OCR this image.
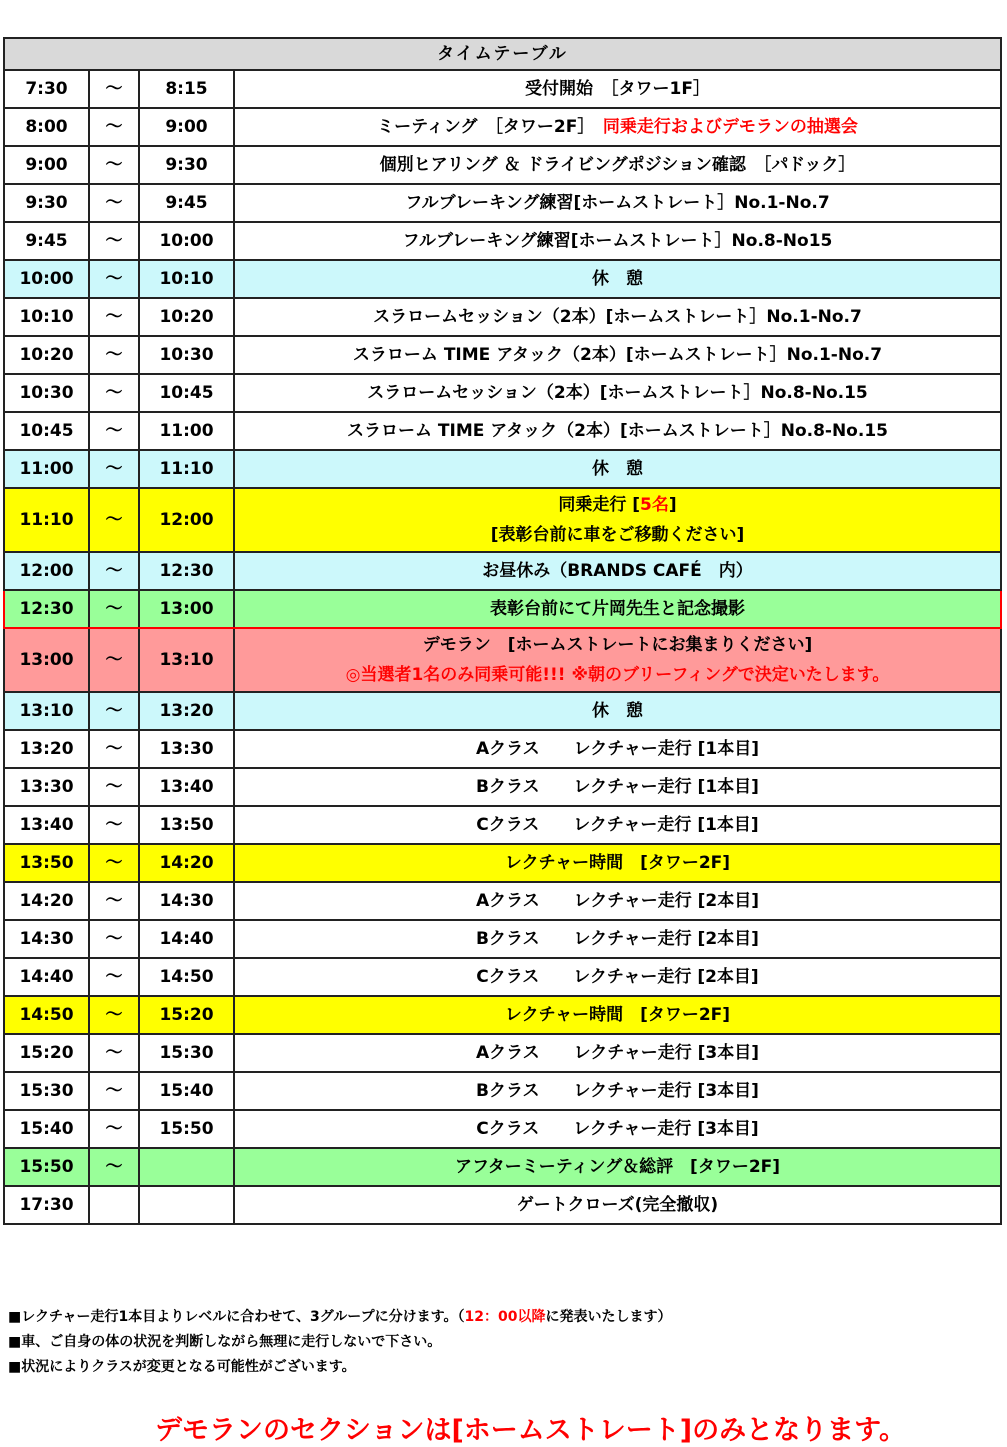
タイムテーブル			
7:30	〜	8:15	受付開始　［タワー1F］

8:00	〜	9:00	ミーティング　［タワー2F］　同乗走行およびデモランの抽選会

9:00	〜	9:30	個別ヒアリング ＆ ドライビングポジション確認　［パドック］

9:30	〜	9:45	フルブレーキング練習[ホームストレート］No.1-No.7

9:45	〜	10:00	フルブレーキング練習[ホームストレート］No.8-No15

10:00	〜	10:10	休　憩

10:10	〜	10:20	スラロームセッション（2本）[ホームストレート］No.1-No.7

10:20	〜	10:30	スラローム TIME アタック（2本）[ホームストレート］No.1-No.7

10:30	〜	10:45	スラロームセッション（2本）[ホームストレート］No.8-No.15

10:45	〜	11:00	スラローム TIME アタック（2本）[ホームストレート］No.8-No.15

11:00	〜	11:10	休　憩

11:10	〜	12:00	同乗走行 [5名]
[表彰台前に車をご移動ください]

12:00	〜	12:30	お昼休み（BRANDS CAFÉ　内）

12:30	〜	13:00	表彰台前にて片岡先生と記念撮影

13:00	〜	13:10	デモラン　[ホームストレートにお集まりください]
◎当選者1名のみ同乗可能!!! ※朝のブリーフィングで決定いたします。

13:10	〜	13:20	休　憩

13:20	〜	13:30	Aクラス　　レクチャー走行 [1本目]

13:30	〜	13:40	Bクラス　　レクチャー走行 [1本目]

13:40	〜	13:50	Cクラス　　レクチャー走行 [1本目]

13:50	〜	14:20	レクチャー時間　[タワー2F]

14:20	〜	14:30	Aクラス　　レクチャー走行 [2本目]

14:30	〜	14:40	Bクラス　　レクチャー走行 [2本目]

14:40	〜	14:50	Cクラス　　レクチャー走行 [2本目]

14:50	〜	15:20	レクチャー時間　[タワー2F]

15:20	〜	15:30	Aクラス　　レクチャー走行 [3本目]

15:30	〜	15:40	Bクラス　　レクチャー走行 [3本目]

15:40	〜	15:50	Cクラス　　レクチャー走行 [3本目]

15:50	〜		アフターミーティング＆総評　[タワー2F]

17:30			ゲートクローズ(完全撤収)
■レクチャー走行1本目よりレベルに合わせて、3グループに分けます。（12：00以降に発表いたします）
■車、ご自身の体の状況を判断しながら無理に走行しないで下さい。
■状況によりクラスが変更となる可能性がございます。
デモランのセクションは[ホームストレート]のみとなります。
